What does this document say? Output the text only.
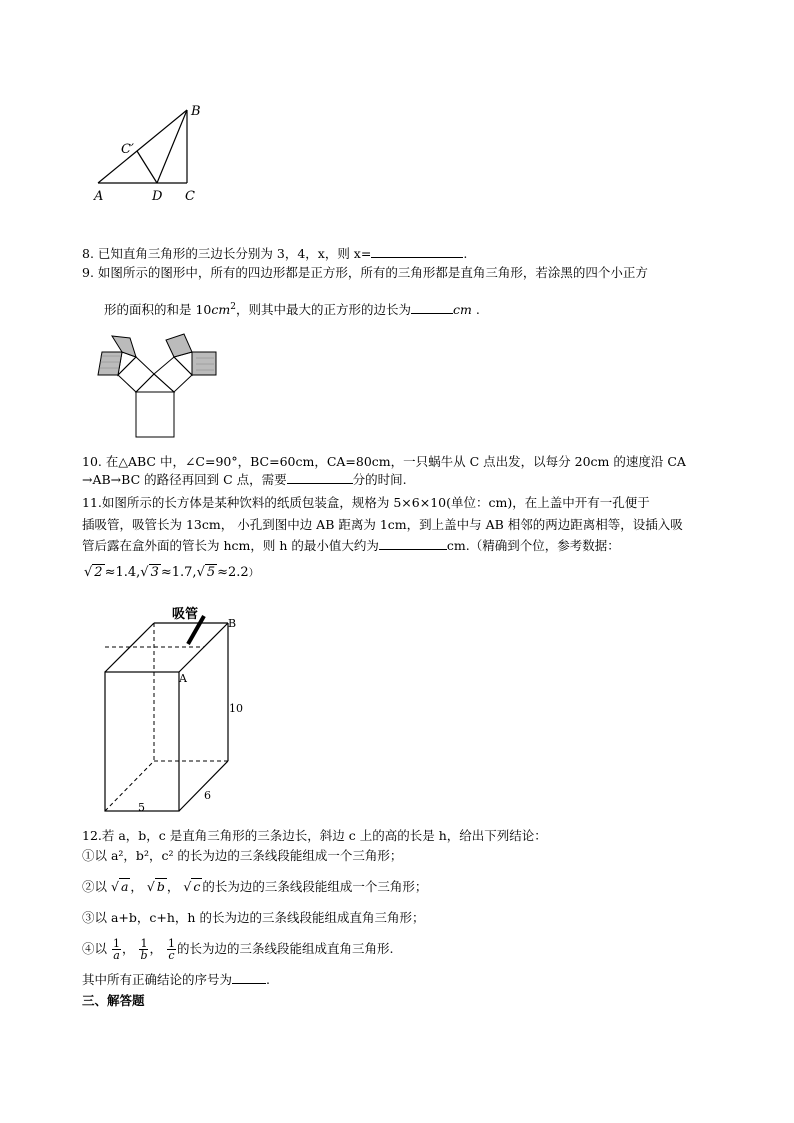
B
C′
A	D C
8. 已知直角三角形的三边长分别为 3，4，x，则 x=	.
9. 如图所示的图形中，所有的四边形都是正方形，所有的三角形都是直角三角形，若涂黑的四个小正方
形的面积的和是 $10cm^2$，则其中最大的正方形的边长为	cm .
10. 在△ABC 中，∠C=90°，BC=60cm，CA=80cm，一只蜗牛从 C 点出发，以每分 20cm 的速度沿 CA
→AB→BC 的路径再回到 C 点，需要	分的时间.
11.如图所示的长方体是某种饮料的纸质包装盒，规格为 5×6×10(单位：cm)，在上盖中开有一孔便于
插吸管，吸管长为 13cm， 小孔到图中边 AB 距离为 1cm，到上盖中与 AB 相邻的两边距离相等，设插入吸
管后露在盒外面的管长为 hcm，则 h 的最小值大约为	cm.（精确到个位，参考数据：
√ 2 ≈1.4,√ 3 ≈1.7,√ 5 ≈2.2）
吸管
B
A
10
6
5
12.若 a，b，c 是直角三角形的三条边长，斜边 c 上的高的长是 h，给出下列结论：
①以 a²，b²，c² 的长为边的三条线段能组成一个三角形；
②以 √ a ， √ b ， √ c 的长为边的三条线段能组成一个三角形；
③以 a+b，c+h，h 的长为边的三条线段能组成直角三角形；
④以 $\frac{1}{a}$ ， $\frac{1}{b}$ ， $\frac{1}{c}$ 的长为边的三条线段能组成直角三角形.
其中所有正确结论的序号为	.
三、解答题
